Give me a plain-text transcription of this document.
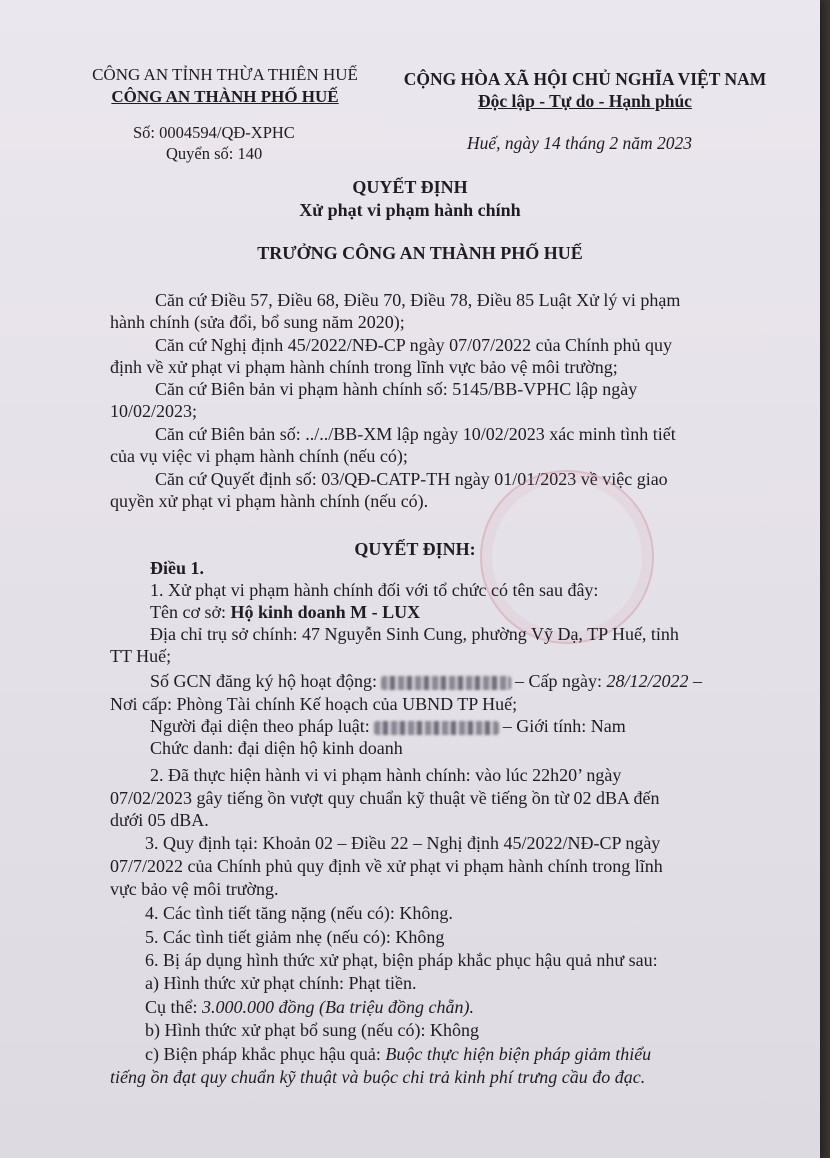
CÔNG AN TỈNH THỪA THIÊN HUẾ
CÔNG AN THÀNH PHỐ HUẾ
Số: 0004594/QĐ-XPHC
Quyển số: 140
CỘNG HÒA XÃ HỘI CHỦ NGHĨA VIỆT NAM
Độc lập - Tự do - Hạnh phúc
Huế, ngày 14 tháng 2 năm 2023
QUYẾT ĐỊNH
Xử phạt vi phạm hành chính
TRƯỞNG CÔNG AN THÀNH PHỐ HUẾ
Căn cứ Điều 57, Điều 68, Điều 70, Điều 78, Điều 85 Luật Xử lý vi phạm
hành chính (sửa đổi, bổ sung năm 2020);
Căn cứ Nghị định 45/2022/NĐ-CP ngày 07/07/2022 của Chính phủ quy
định về xử phạt vi phạm hành chính trong lĩnh vực bảo vệ môi trường;
Căn cứ Biên bản vi phạm hành chính số: 5145/BB-VPHC lập ngày
10/02/2023;
Căn cứ Biên bản số: ../../BB-XM lập ngày 10/02/2023 xác minh tình tiết
của vụ việc vi phạm hành chính (nếu có);
Căn cứ Quyết định số: 03/QĐ-CATP-TH ngày 01/01/2023 về việc giao
quyền xử phạt vi phạm hành chính (nếu có).
QUYẾT ĐỊNH:
Điều 1.
1. Xử phạt vi phạm hành chính đối với tổ chức có tên sau đây:
Tên cơ sở: Hộ kinh doanh M - LUX
Địa chỉ trụ sở chính: 47 Nguyễn Sinh Cung, phường Vỹ Dạ, TP Huế, tỉnh
TT Huế;
Số GCN đăng ký hộ hoạt động:	– Cấp ngày: 28/12/2022 –
Nơi cấp: Phòng Tài chính Kế hoạch của UBND TP Huế;
Người đại diện theo pháp luật:	– Giới tính: Nam
Chức danh: đại diện hộ kinh doanh
2. Đã thực hiện hành vi vi phạm hành chính: vào lúc 22h20’ ngày
07/02/2023 gây tiếng ồn vượt quy chuẩn kỹ thuật về tiếng ồn từ 02 dBA đến
dưới 05 dBA.
3. Quy định tại: Khoản 02 – Điều 22 – Nghị định 45/2022/NĐ-CP ngày
07/7/2022 của Chính phủ quy định về xử phạt vi phạm hành chính trong lĩnh
vực bảo vệ môi trường.
4. Các tình tiết tăng nặng (nếu có): Không.
5. Các tình tiết giảm nhẹ (nếu có): Không
6. Bị áp dụng hình thức xử phạt, biện pháp khắc phục hậu quả như sau:
a) Hình thức xử phạt chính: Phạt tiền.
Cụ thể: 3.000.000 đồng (Ba triệu đồng chẵn).
b) Hình thức xử phạt bổ sung (nếu có): Không
c) Biện pháp khắc phục hậu quả: Buộc thực hiện biện pháp giảm thiểu
tiếng ồn đạt quy chuẩn kỹ thuật và buộc chi trả kinh phí trưng cầu đo đạc.
